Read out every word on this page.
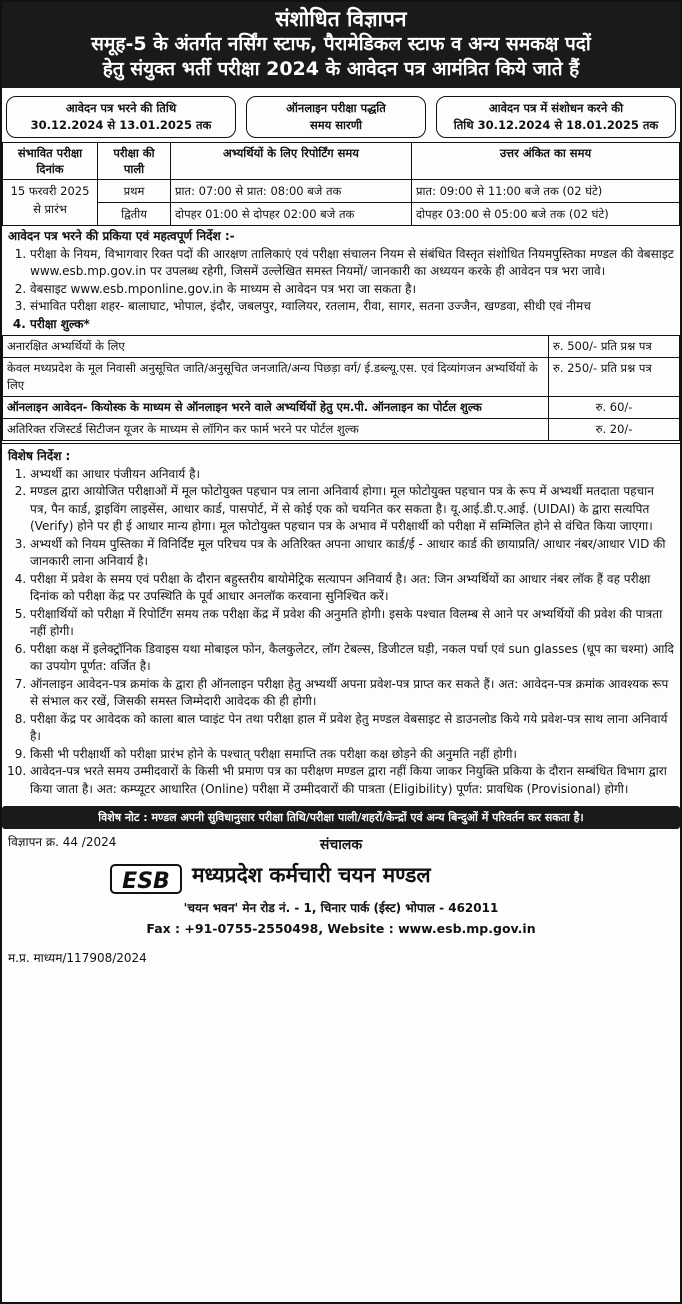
संशोधित विज्ञापन
समूह-5 के अंतर्गत नर्सिंग स्टाफ, पैरामेडिकल स्टाफ व अन्य समकक्ष पदों
हेतु संयुक्त भर्ती परीक्षा 2024 के आवेदन पत्र आमंत्रित किये जाते हैं
आवेदन पत्र भरने की तिथि
30.12.2024 से 13.01.2025 तक
ऑनलाइन परीक्षा पद्धति
समय सारणी
आवेदन पत्र में संशोधन करने की
तिथि 30.12.2024 से 18.01.2025 तक
संभावित परीक्षा दिनांक	परीक्षा की पाली	अभ्यर्थियों के लिए रिपोर्टिंग समय	उत्तर अंकित का समय
15 फरवरी 2025 से प्रारंभ	प्रथम	प्रात: 07:00 से प्रात: 08:00 बजे तक	प्रात: 09:00 से 11:00 बजे तक (02 घंटे)
	द्वितीय	दोपहर 01:00 से दोपहर 02:00 बजे तक	दोपहर 03:00 से 05:00 बजे तक (02 घंटे)
आवेदन पत्र भरने की प्रकिया एवं महत्वपूर्ण निर्देश :-
1. परीक्षा के नियम, विभागवार रिक्त पदों की आरक्षण तालिकाएं एवं परीक्षा संचालन नियम से संबंधित विस्तृत संशोधित नियमपुस्तिका मण्डल की वेबसाइट www.esb.mp.gov.in पर उपलब्ध रहेगी, जिसमें उल्लेखित समस्त नियमों/ जानकारी का अध्ययन करके ही आवेदन पत्र भरा जावे।
2. वेबसाइट www.esb.mponline.gov.in के माध्यम से आवेदन पत्र भरा जा सकता है।
3. संभावित परीक्षा शहर- बालाघाट, भोपाल, इंदौर, जबलपुर, ग्वालियर, रतलाम, रीवा, सागर, सतना उज्जैन, खण्डवा, सीधी एवं नीमच
4. परीक्षा शुल्क*
अनारक्षित अभ्यर्थियों के लिए	रु. 500/- प्रति प्रश्न पत्र
केवल मध्यप्रदेश के मूल निवासी अनुसूचित जाति/अनुसूचित जनजाति/अन्य पिछड़ा वर्ग/ ई.डब्ल्यू.एस. एवं दिव्यांगजन अभ्यर्थियों के लिए	रु. 250/- प्रति प्रश्न पत्र
ऑनलाइन आवेदन- कियोस्क के माध्यम से ऑनलाइन भरने वाले अभ्यर्थियों हेतु एम.पी. ऑनलाइन का पोर्टल शुल्क	रु. 60/-
अतिरिक्त रजिस्टर्ड सिटीजन यूजर के माध्यम से लॉगिन कर फार्म भरने पर पोर्टल शुल्क	रु. 20/-
विशेष निर्देश :
1. अभ्यर्थी का आधार पंजीयन अनिवार्य है।
2. मण्डल द्वारा आयोजित परीक्षाओं में मूल फोटोयुक्त पहचान पत्र लाना अनिवार्य होगा। मूल फोटोयुक्त पहचान पत्र के रूप में अभ्यर्थी मतदाता पहचान पत्र, पैन कार्ड, ड्राइविंग लाइसेंस, आधार कार्ड, पासपोर्ट, में से कोई एक को चयनित कर सकता है। यू.आई.डी.ए.आई. (UIDAI) के द्वारा सत्यपित (Verify) होने पर ही ई आधार मान्य होगा। मूल फोटोयुक्त पहचान पत्र के अभाव में परीक्षार्थी को परीक्षा में सम्मिलित होने से वंचित किया जाएगा।
3. अभ्यर्थी को नियम पुस्तिका में विनिर्दिष्ट मूल परिचय पत्र के अतिरिक्त अपना आधार कार्ड/ई - आधार कार्ड की छायाप्रति/ आधार नंबर/आधार VID की जानकारी लाना अनिवार्य है।
4. परीक्षा में प्रवेश के समय एवं परीक्षा के दौरान बहुस्तरीय बायोमेट्रिक सत्यापन अनिवार्य है। अत: जिन अभ्यर्थियों का आधार नंबर लॉक हैं वह परीक्षा दिनांक को परीक्षा केंद्र पर उपस्थिति के पूर्व आधार अनलॉक करवाना सुनिश्चित करें।
5. परीक्षार्थियों को परीक्षा में रिपोर्टिंग समय तक परीक्षा केंद्र में प्रवेश की अनुमति होगी। इसके पश्चात विलम्ब से आने पर अभ्यर्थियों की प्रवेश की पात्रता नहीं होगी।
6. परीक्षा कक्ष में इलेक्ट्रॉनिक डिवाइस यथा मोबाइल फोन, कैलकुलेटर, लॉग टेबल्स, डिजीटल घड़ी, नकल पर्चा एवं sun glasses (धूप का चश्मा) आदि का उपयोग पूर्णत: वर्जित है।
7. ऑनलाइन आवेदन-पत्र क्रमांक के द्वारा ही ऑनलाइन परीक्षा हेतु अभ्यर्थी अपना प्रवेश-पत्र प्राप्त कर सकते हैं। अत: आवेदन-पत्र क्रमांक आवश्यक रूप से संभाल कर रखें, जिसकी समस्त जिम्मेदारी आवेदक की ही होगी।
8. परीक्षा केंद्र पर आवेदक को काला बाल प्वाइंट पेन तथा परीक्षा हाल में प्रवेश हेतु मण्डल वेबसाइट से डाउनलोड किये गये प्रवेश-पत्र साथ लाना अनिवार्य है।
9. किसी भी परीक्षार्थी को परीक्षा प्रारंभ होने के पश्चात् परीक्षा समाप्ति तक परीक्षा कक्ष छोड़ने की अनुमति नहीं होगी।
10. आवेदन-पत्र भरते समय उम्मीदवारों के किसी भी प्रमाण पत्र का परीक्षण मण्डल द्वारा नहीं किया जाकर नियुक्ति प्रकिया के दौरान सम्बंधित विभाग द्वारा किया जाता है। अत: कम्प्यूटर आधारित (Online) परीक्षा में उम्मीदवारों की पात्रता (Eligibility) पूर्णत: प्रावधिक (Provisional) होगी।
विशेष नोट : मण्डल अपनी सुविधानुसार परीक्षा तिथि/परीक्षा पाली/शहरों/केन्द्रों एवं अन्य बिन्दुओं में परिवर्तन कर सकता है।
विज्ञापन क्र. 44 /2024	संचालक
ESB मध्यप्रदेश कर्मचारी चयन मण्डल
'चयन भवन' मेन रोड नं. - 1, चिनार पार्क (ईस्ट) भोपाल - 462011
Fax : +91-0755-2550498, Website : www.esb.mp.gov.in
म.प्र. माध्यम/117908/2024
